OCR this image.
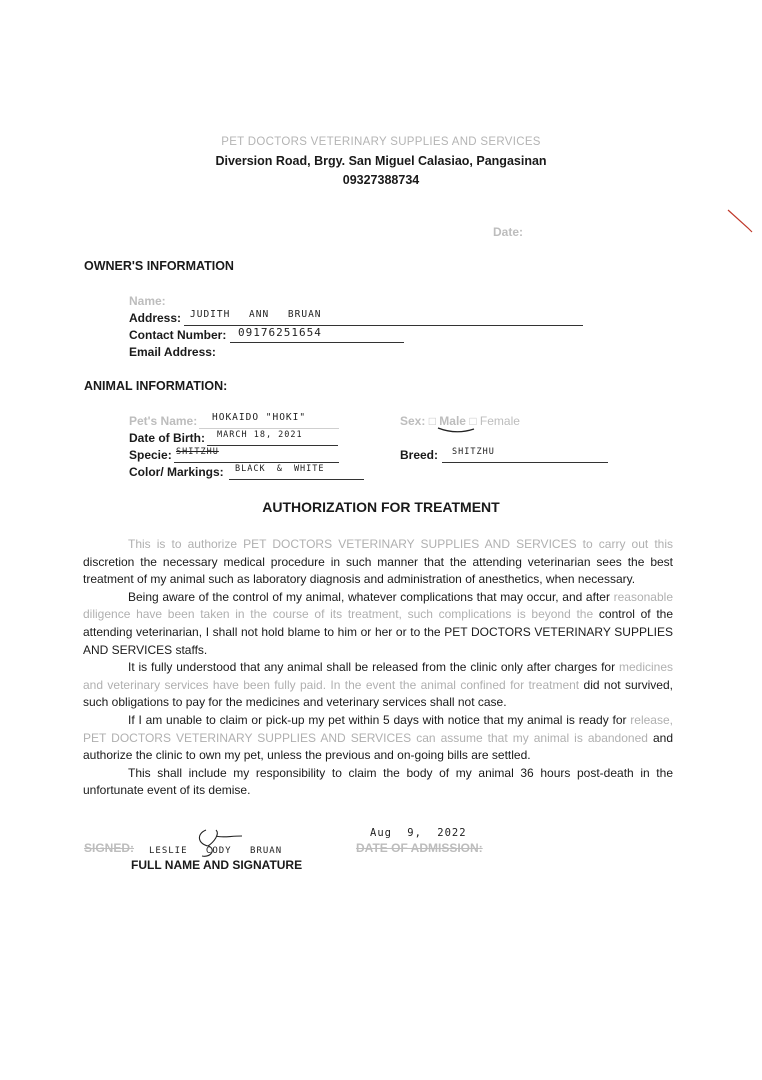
PET DOCTORS VETERINARY SUPPLIES AND SERVICES
Diversion Road, Brgy. San Miguel Calasiao, Pangasinan
09327388734
Date:
OWNER'S INFORMATION
Name:
Address: JUDITH ANN BRUAN
Contact Number: 09176251654
Email Address:
ANIMAL INFORMATION:
Pet's Name: HOKAIDO "HOKI"
Date of Birth: MARCH 18, 2021
Specie: SHITZHU
Color/ Markings: BLACK & WHITE
Sex: □ Male □ Female
Breed: SHITZHU
AUTHORIZATION FOR TREATMENT

This is to authorize PET DOCTORS VETERINARY SUPPLIES AND SERVICES to carry out this discretion the necessary medical procedure in such manner that the attending veterinarian sees the best treatment of my animal such as laboratory diagnosis and administration of anesthetics, when necessary.

Being aware of the control of my animal, whatever complications that may occur, and after reasonable diligence have been taken in the course of its treatment, such complications is beyond the control of the attending veterinarian, I shall not hold blame to him or her or to the PET DOCTORS VETERINARY SUPPLIES AND SERVICES staffs.

It is fully understood that any animal shall be released from the clinic only after charges for medicines and veterinary services have been fully paid. In the event the animal confined for treatment did not survived, such obligations to pay for the medicines and veterinary services shall not case.

If I am unable to claim or pick-up my pet within 5 days with notice that my animal is ready for release, PET DOCTORS VETERINARY SUPPLIES AND SERVICES can assume that my animal is abandoned and authorize the clinic to own my pet, unless the previous and on-going bills are settled.

This shall include my responsibility to claim the body of my animal 36 hours post-death in the unfortunate event of its demise.

SIGNED: LESLIE CODY BRUAN
FULL NAME AND SIGNATURE
Aug 9, 2022
DATE OF ADMISSION:
